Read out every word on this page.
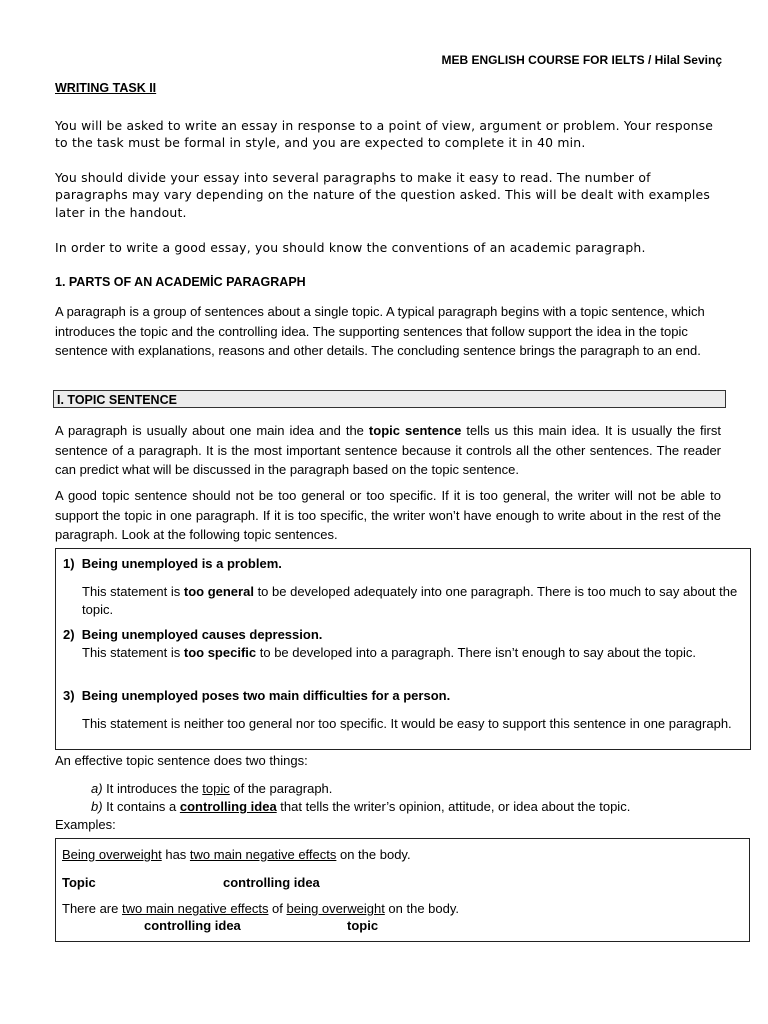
MEB ENGLISH COURSE FOR IELTS / Hilal Sevinç
WRITING TASK II
You will be asked to write an essay in response to a point of view, argument or problem. Your response to the task must be formal in style, and you are expected to complete it in 40 min.
You should divide your essay into several paragraphs to make it easy to read. The number of paragraphs may vary depending on the nature of the question asked. This will be dealt with examples later in the handout.
In order to write a good essay, you should know the conventions of an academic paragraph.
1. PARTS OF AN ACADEMİC PARAGRAPH
A paragraph is a group of sentences about a single topic. A typical paragraph begins with a topic sentence, which introduces the topic and the controlling idea. The supporting sentences that follow support the idea in the topic sentence with explanations, reasons and other details. The concluding sentence brings the paragraph to an end.
I. TOPIC SENTENCE
A paragraph is usually about one main idea and the topic sentence tells us this main idea. It is usually the first sentence of a paragraph. It is the most important sentence because it controls all the other sentences. The reader can predict what will be discussed in the paragraph based on the topic sentence.
A good topic sentence should not be too general or too specific. If it is too general, the writer will not be able to support the topic in one paragraph. If it is too specific, the writer won’t have enough to write about in the rest of the paragraph. Look at the following topic sentences.
1) Being unemployed is a problem.
This statement is too general to be developed adequately into one paragraph. There is too much to say about the topic.
2) Being unemployed causes depression.
This statement is too specific to be developed into a paragraph. There isn’t enough to say about the topic.
3) Being unemployed poses two main difficulties for a person.
This statement is neither too general nor too specific. It would be easy to support this sentence in one paragraph.
An effective topic sentence does two things:
a) It introduces the topic of the paragraph.
b) It contains a controlling idea that tells the writer’s opinion, attitude, or idea about the topic.
Examples:
Being overweight has two main negative effects on the body.
Topic	controlling idea
There are two main negative effects of being overweight on the body.
controlling idea	topic
